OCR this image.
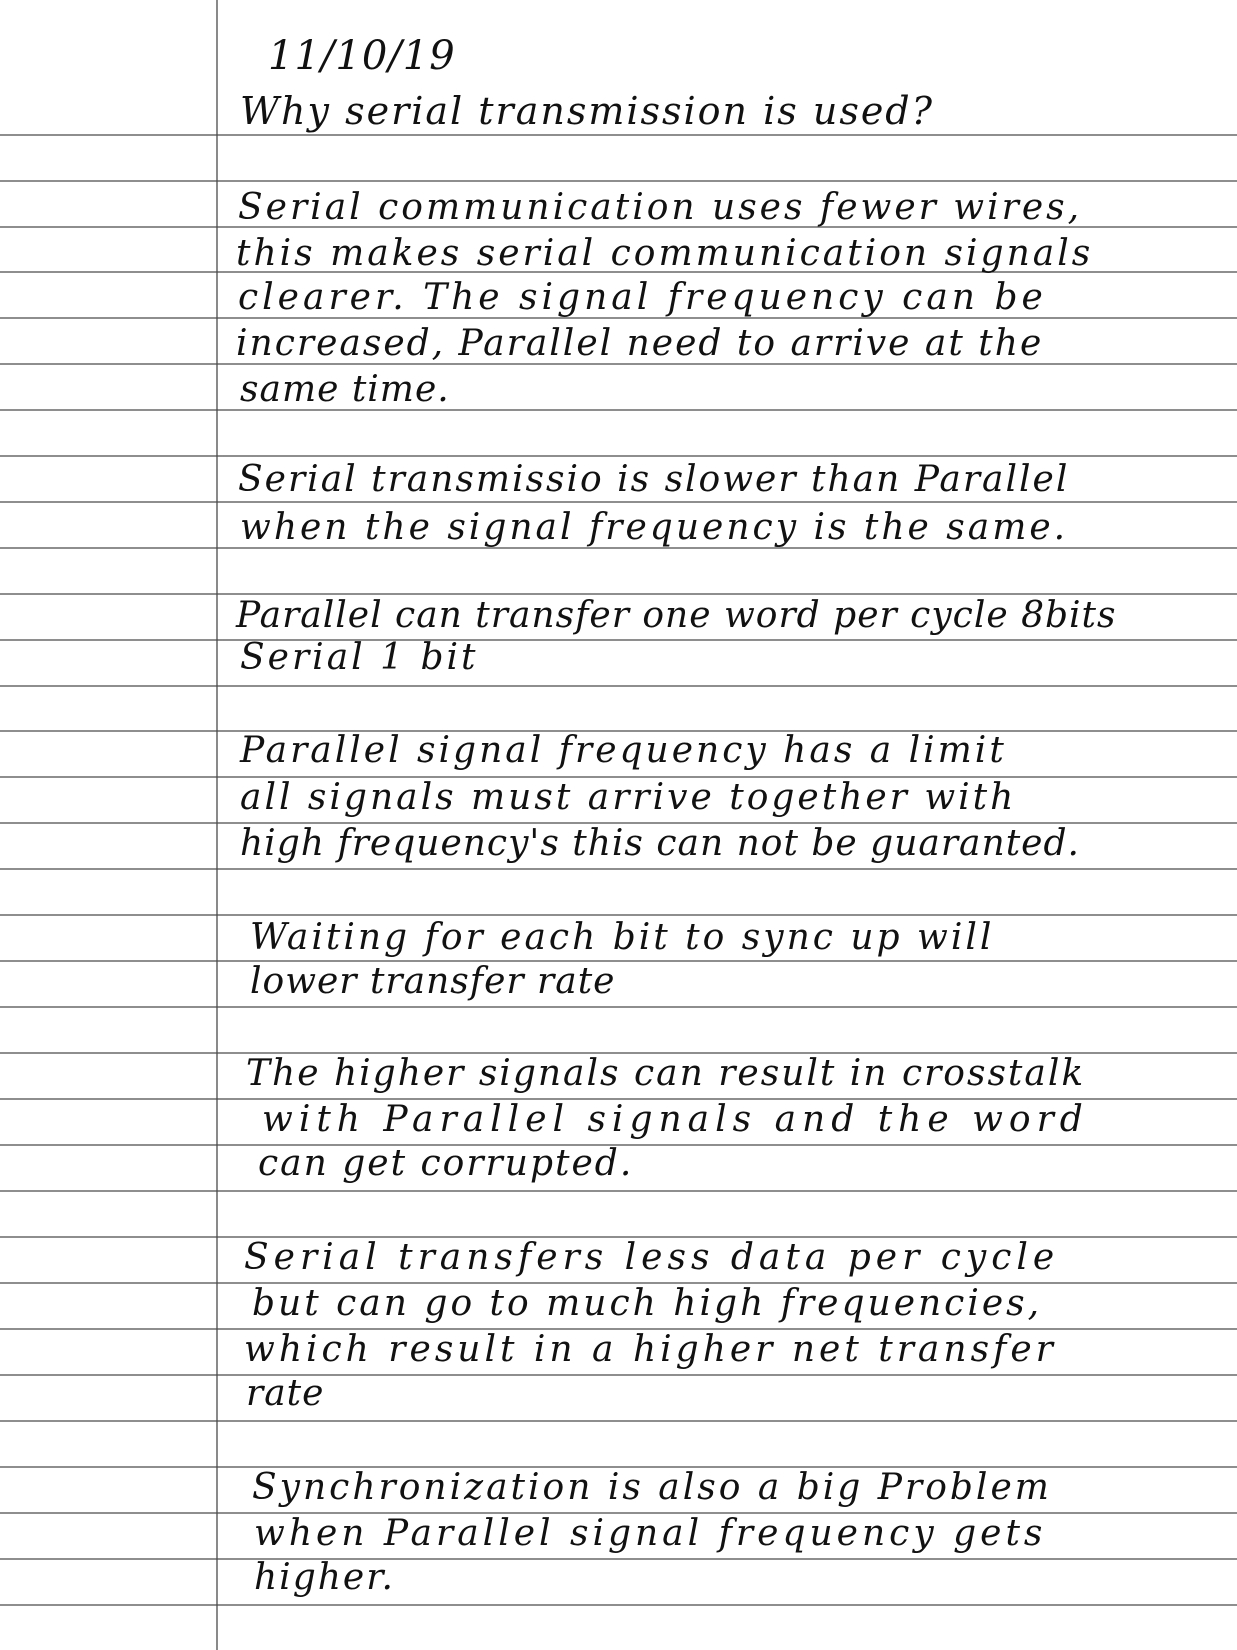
11/10/19

Why serial transmission is used?

Serial communication uses fewer wires,

this makes serial communication signals

clearer. The signal frequency can be

increased, Parallel need to arrive at the

same time.

Serial transmissio is slower than Parallel

when the signal frequency is the same.

Parallel can transfer one word per cycle 8bits

Serial 1 bit

Parallel signal frequency has a limit

all signals must arrive together with

high frequency's this can not be guaranted.

Waiting for each bit to sync up will

lower transfer rate

The higher signals can result in crosstalk

with Parallel signals and the word

can get corrupted.

Serial transfers less data per cycle

but can go to much high frequencies,

which result in a higher net transfer

rate

Synchronization is also a big Problem

when Parallel signal frequency gets

higher.
